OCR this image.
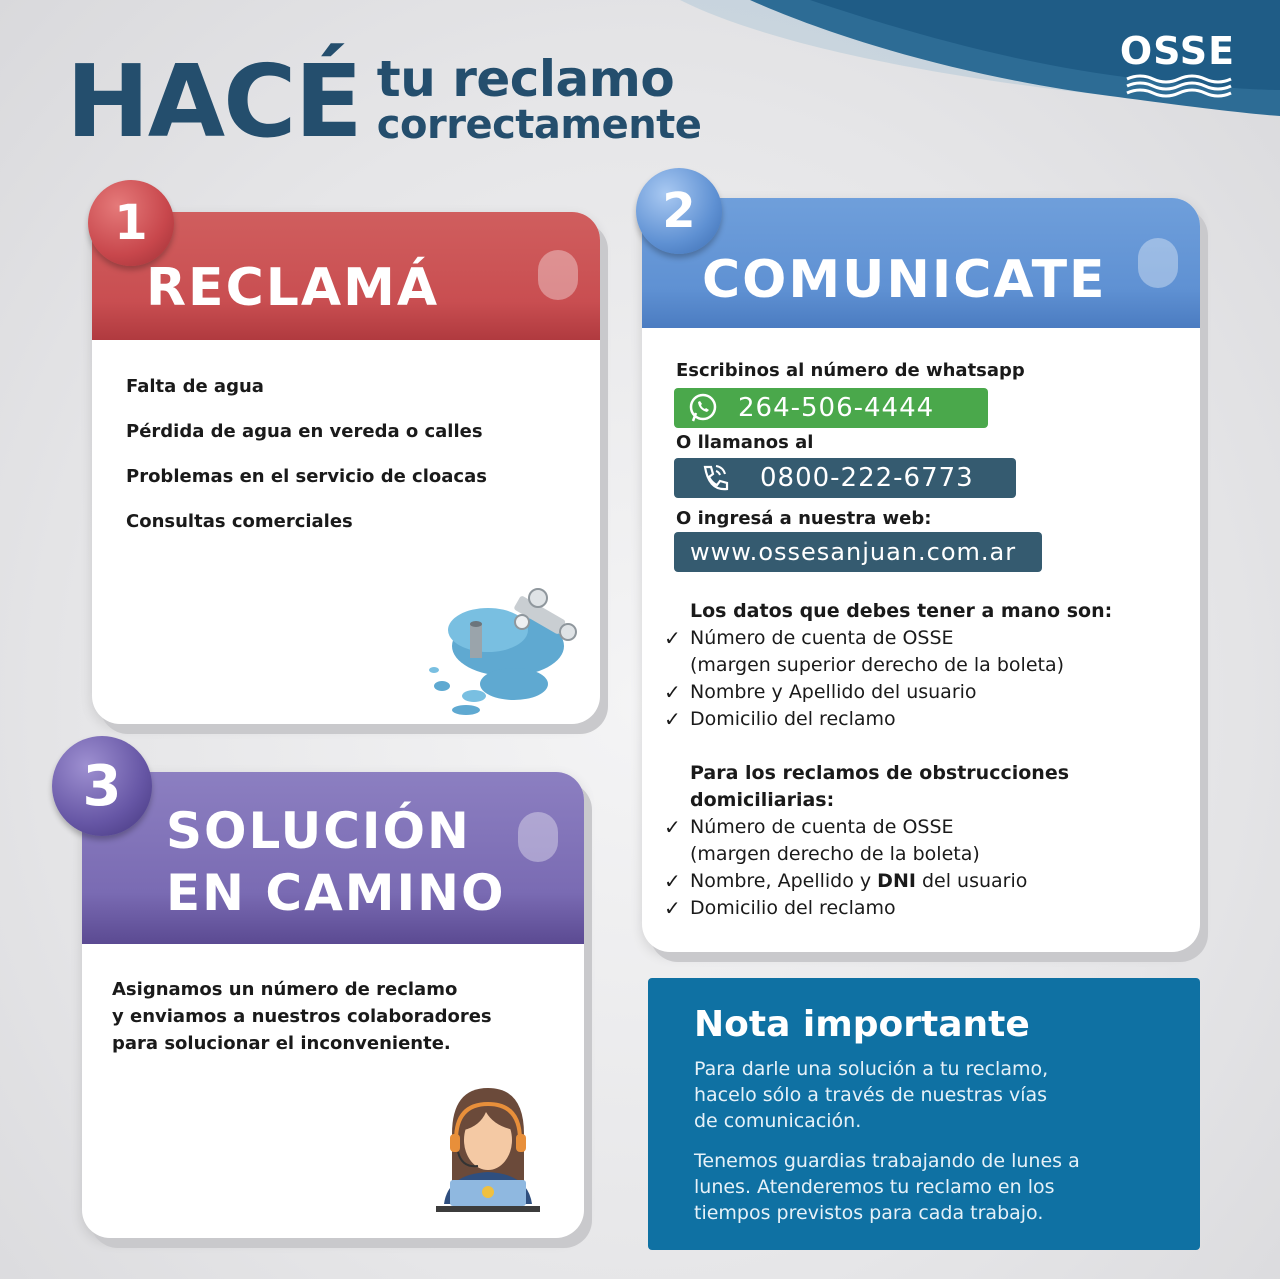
OSSE
HACÉ tu reclamo
correctamente
RECLAMÁ
Falta de agua
Pérdida de agua en vereda o calles
Problemas en el servicio de cloacas
Consultas comerciales
1
COMUNICATE
Escribinos al número de whatsapp
264-506-4444
O llamanos al
0800-222-6773
O ingresá a nuestra web:
www.ossesanjuan.com.ar
Los datos que debes tener a mano son:
✓ Número de cuenta de OSSE
(margen superior derecho de la boleta)
✓ Nombre y Apellido del usuario
✓ Domicilio del reclamo
Para los reclamos de obstrucciones
domiciliarias:
✓ Número de cuenta de OSSE
(margen derecho de la boleta)
✓ Nombre, Apellido y DNI del usuario
✓ Domicilio del reclamo
2
SOLUCIÓN
EN CAMINO
Asignamos un número de reclamo
y enviamos a nuestros colaboradores
para solucionar el inconveniente.
3
Nota importante
Para darle una solución a tu reclamo,
hacelo sólo a través de nuestras vías
de comunicación.
Tenemos guardias trabajando de lunes a
lunes. Atenderemos tu reclamo en los
tiempos previstos para cada trabajo.
